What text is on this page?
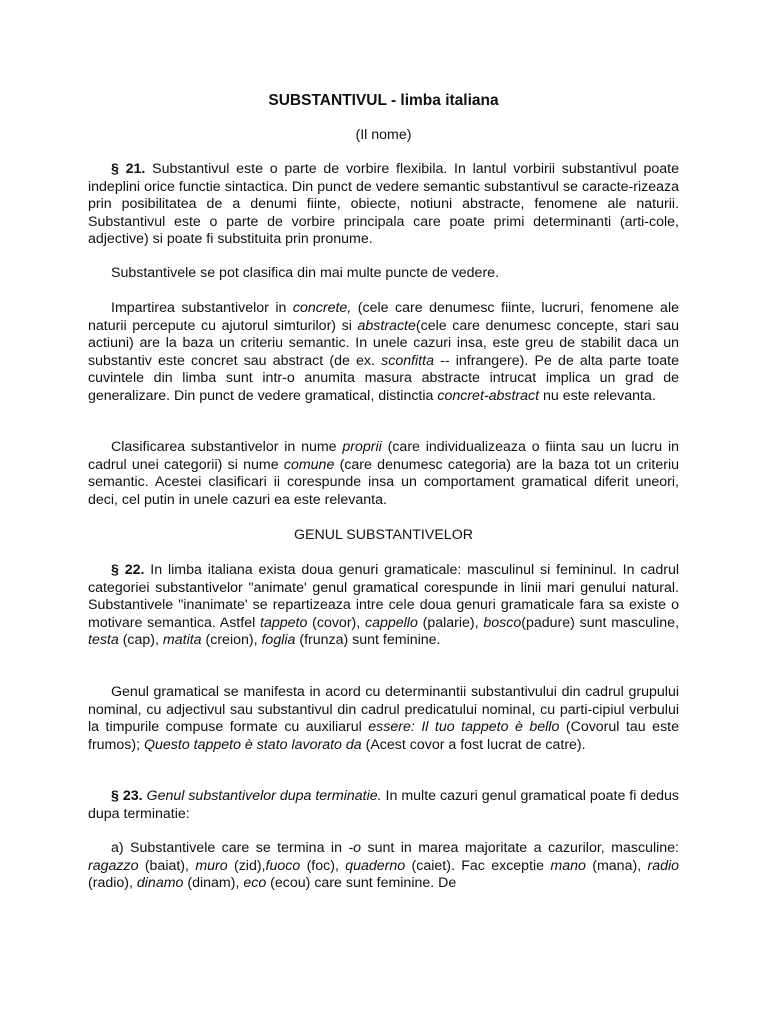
SUBSTANTIVUL - limba italiana

(Il nome)

§ 21. Substantivul este o parte de vorbire flexibila. In lantul vorbirii substantivul poate indeplini orice functie sintactica. Din punct de vedere semantic substantivul se caracte-rizeaza prin posibilitatea de a denumi fiinte, obiecte, notiuni abstracte, fenomene ale naturii. Substantivul este o parte de vorbire principala care poate primi determinanti (arti-cole, adjective) si poate fi substituita prin pronume.

Substantivele se pot clasifica din mai multe puncte de vedere.

Impartirea substantivelor in concrete, (cele care denumesc fiinte, lucruri, fenomene ale naturii percepute cu ajutorul simturilor) si abstracte(cele care denumesc concepte, stari sau actiuni) are la baza un criteriu semantic. In unele cazuri insa, este greu de stabilit daca un substantiv este concret sau abstract (de ex. sconfitta -- infrangere). Pe de alta parte toate cuvintele din limba sunt intr-o anumita masura abstracte intrucat implica un grad de generalizare. Din punct de vedere gramatical, distinctia concret-abstract nu este relevanta.

Clasificarea substantivelor in nume proprii (care individualizeaza o fiinta sau un lucru in cadrul unei categorii) si nume comune (care denumesc categoria) are la baza tot un criteriu semantic. Acestei clasificari ii corespunde insa un comportament gramatical diferit uneori, deci, cel putin in unele cazuri ea este relevanta.

GENUL SUBSTANTIVELOR

§ 22. In limba italiana exista doua genuri gramaticale: masculinul si femininul. In cadrul categoriei substantivelor "animate' genul gramatical corespunde in linii mari genului natural. Substantivele "inanimate' se repartizeaza intre cele doua genuri gramaticale fara sa existe o motivare semantica. Astfel tappeto (covor), cappello (palarie), bosco(padure) sunt masculine, testa (cap), matita (creion), foglia (frunza) sunt feminine.

Genul gramatical se manifesta in acord cu determinantii substantivului din cadrul grupului nominal, cu adjectivul sau substantivul din cadrul predicatului nominal, cu parti-cipiul verbului la timpurile compuse formate cu auxiliarul essere: Il tuo tappeto è bello (Covorul tau este frumos); Questo tappeto è stato lavorato da (Acest covor a fost lucrat de catre).

§ 23. Genul substantivelor dupa terminatie. In multe cazuri genul gramatical poate fi dedus dupa terminatie:

a) Substantivele care se termina in -o sunt in marea majoritate a cazurilor, masculine: ragazzo (baiat), muro (zid),fuoco (foc), quaderno (caiet). Fac exceptie mano (mana), radio (radio), dinamo (dinam), eco (ecou) care sunt feminine. De
